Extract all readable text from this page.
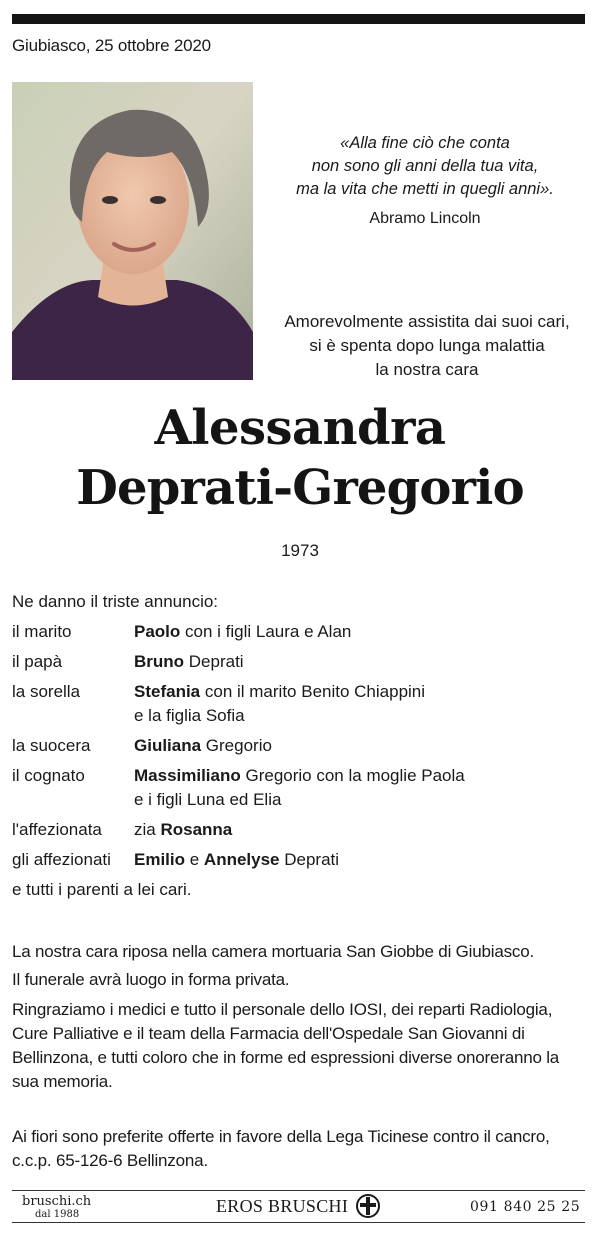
Giubiasco, 25 ottobre 2020
«Alla fine ciò che conta
non sono gli anni della tua vita,
ma la vita che metti in quegli anni».
Abramo Lincoln
Amorevolmente assistita dai suoi cari,
si è spenta dopo lunga malattia
la nostra cara
Alessandra
Deprati-Gregorio
1973
Ne danno il triste annuncio:
il marito	Paolo con i figli Laura e Alan
il papà	Bruno Deprati
la sorella	Stefania con il marito Benito Chiappini
e la figlia Sofia
la suocera	Giuliana Gregorio
il cognato	Massimiliano Gregorio con la moglie Paola
e i figli Luna ed Elia
l'affezionata	zia Rosanna
gli affezionati	Emilio e Annelyse Deprati
e tutti i parenti a lei cari.
La nostra cara riposa nella camera mortuaria San Giobbe di Giubiasco.
Il funerale avrà luogo in forma privata.
Ringraziamo i medici e tutto il personale dello IOSI, dei reparti Radiologia, Cure Palliative e il team della Farmacia dell'Ospedale San Giovanni di Bellinzona, e tutti coloro che in forme ed espressioni diverse onoreranno la sua memoria.
Ai fiori sono preferite offerte in favore della Lega Ticinese contro il cancro, c.c.p. 65-126-6 Bellinzona.
bruschi.ch
dal 1988	EROS BRUSCHI	091 840 25 25
